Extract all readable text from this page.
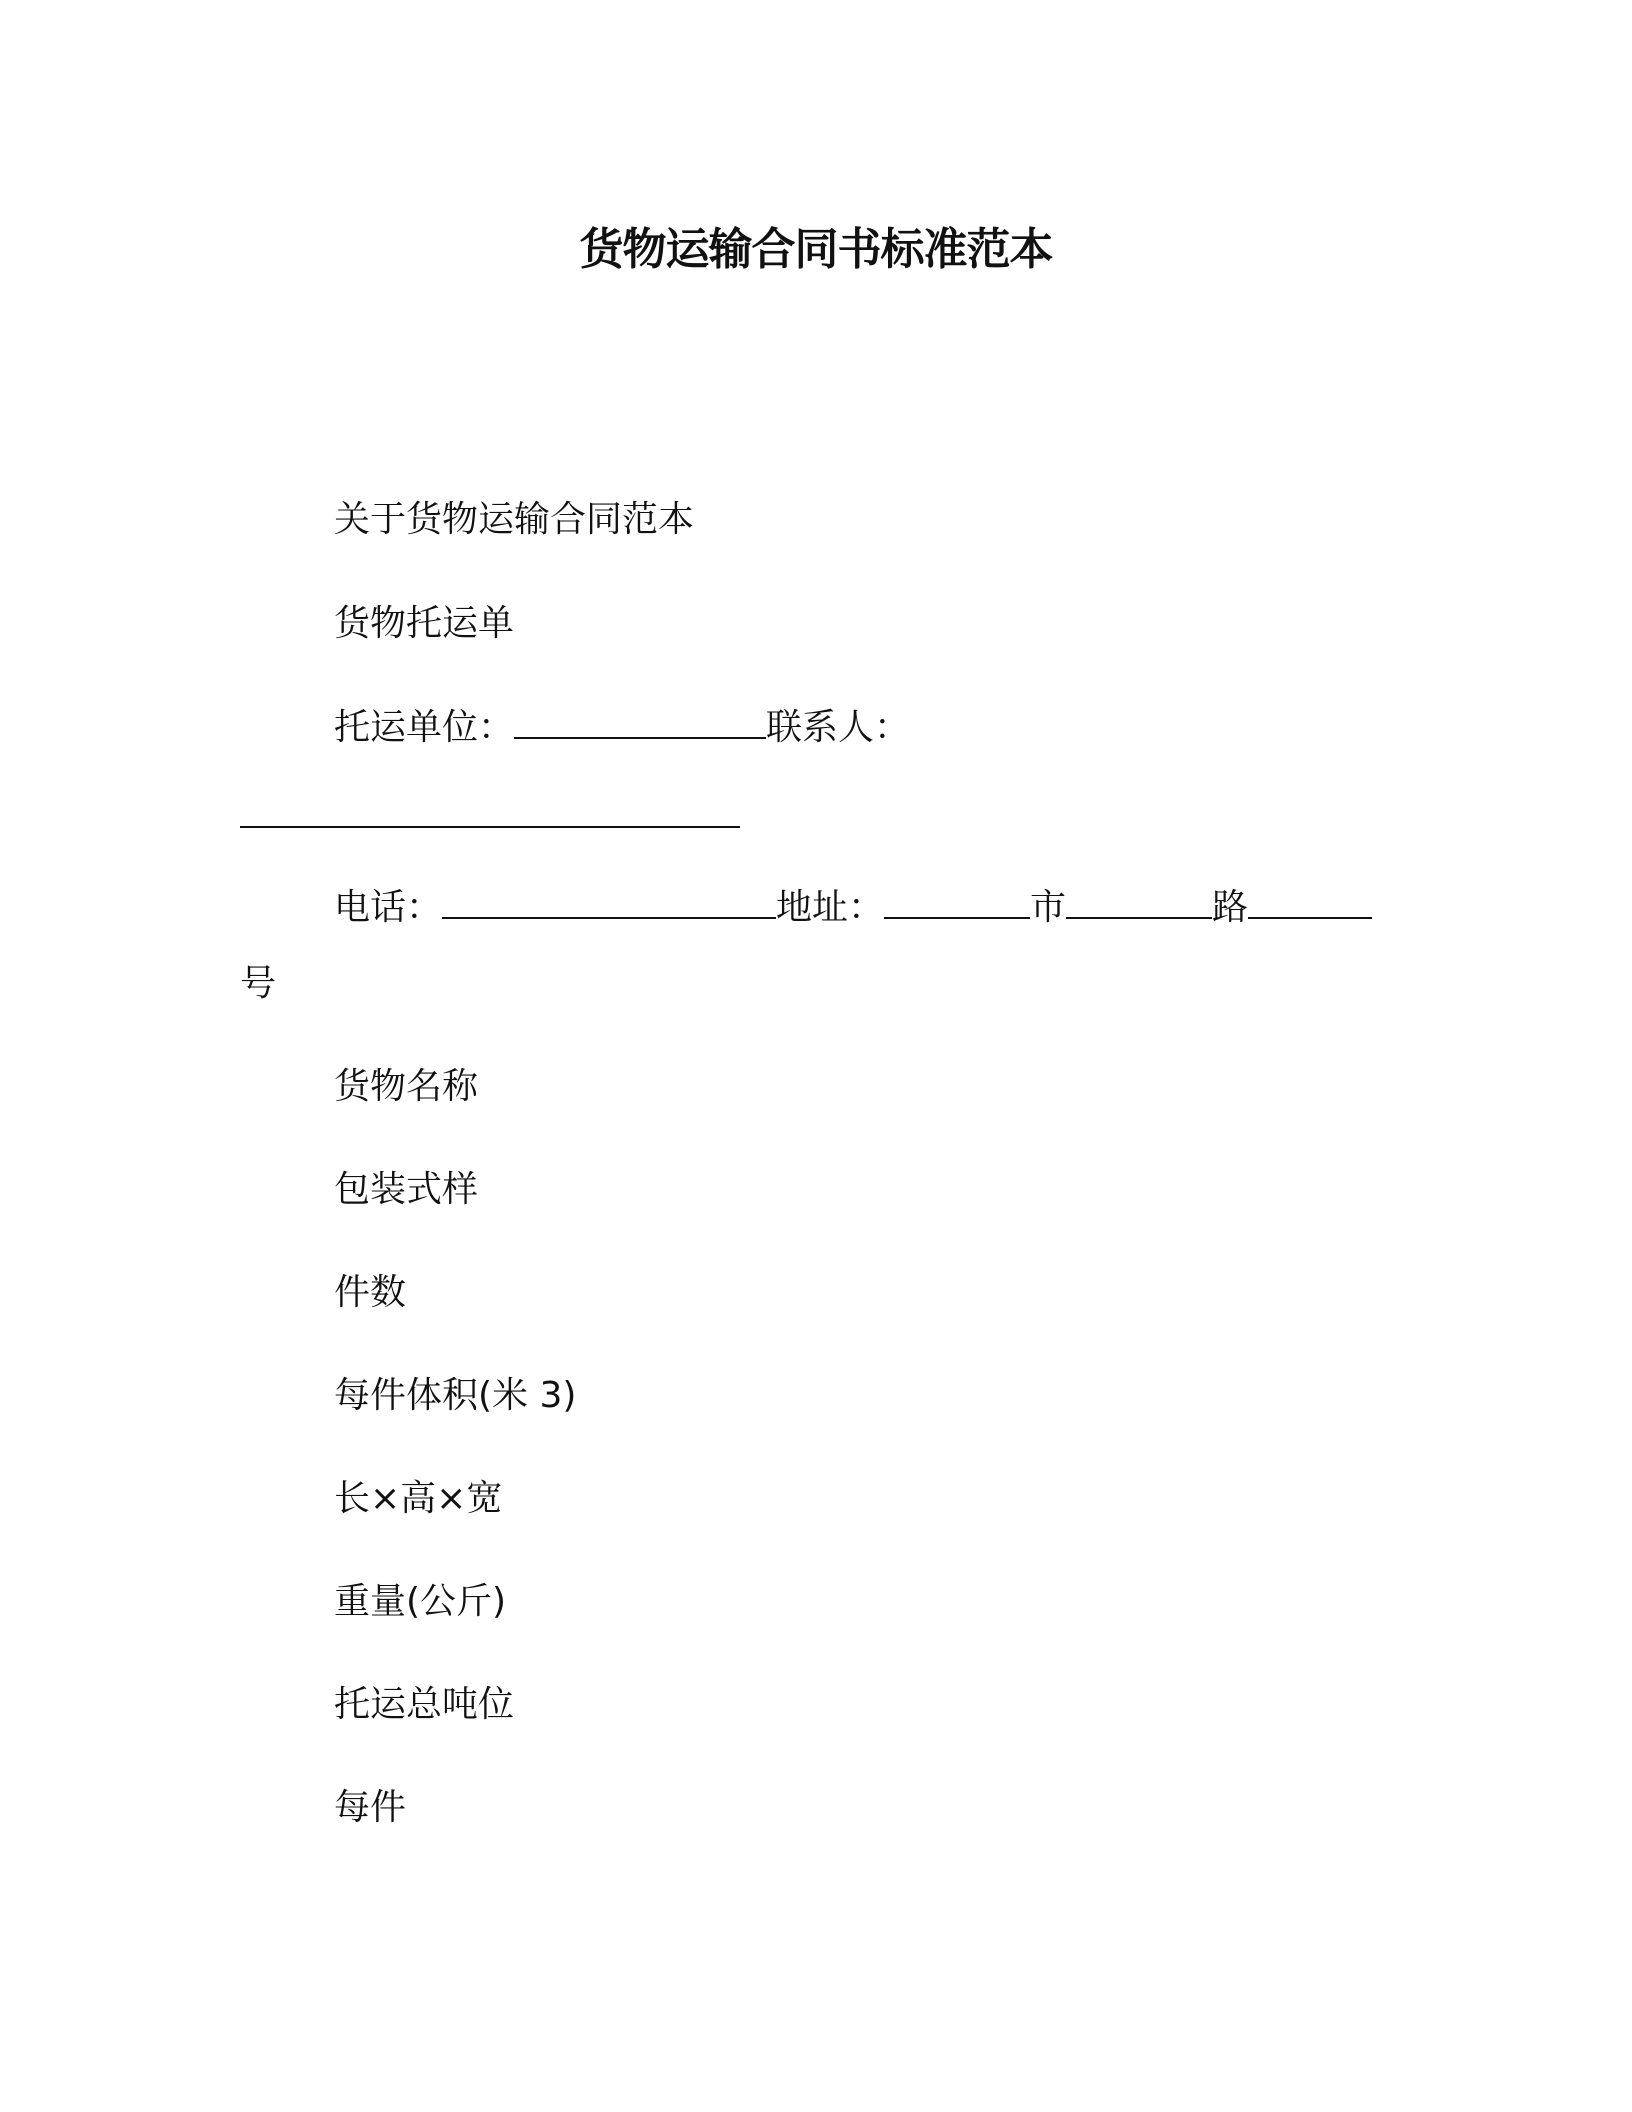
货物运输合同书标准范本
关于货物运输合同范本
货物托运单
托运单位：	联系人：
电话：	地址：	市	路
号
货物名称
包装式样
件数
每件体积(米 3)
长×高×宽
重量(公斤)
托运总吨位
每件
